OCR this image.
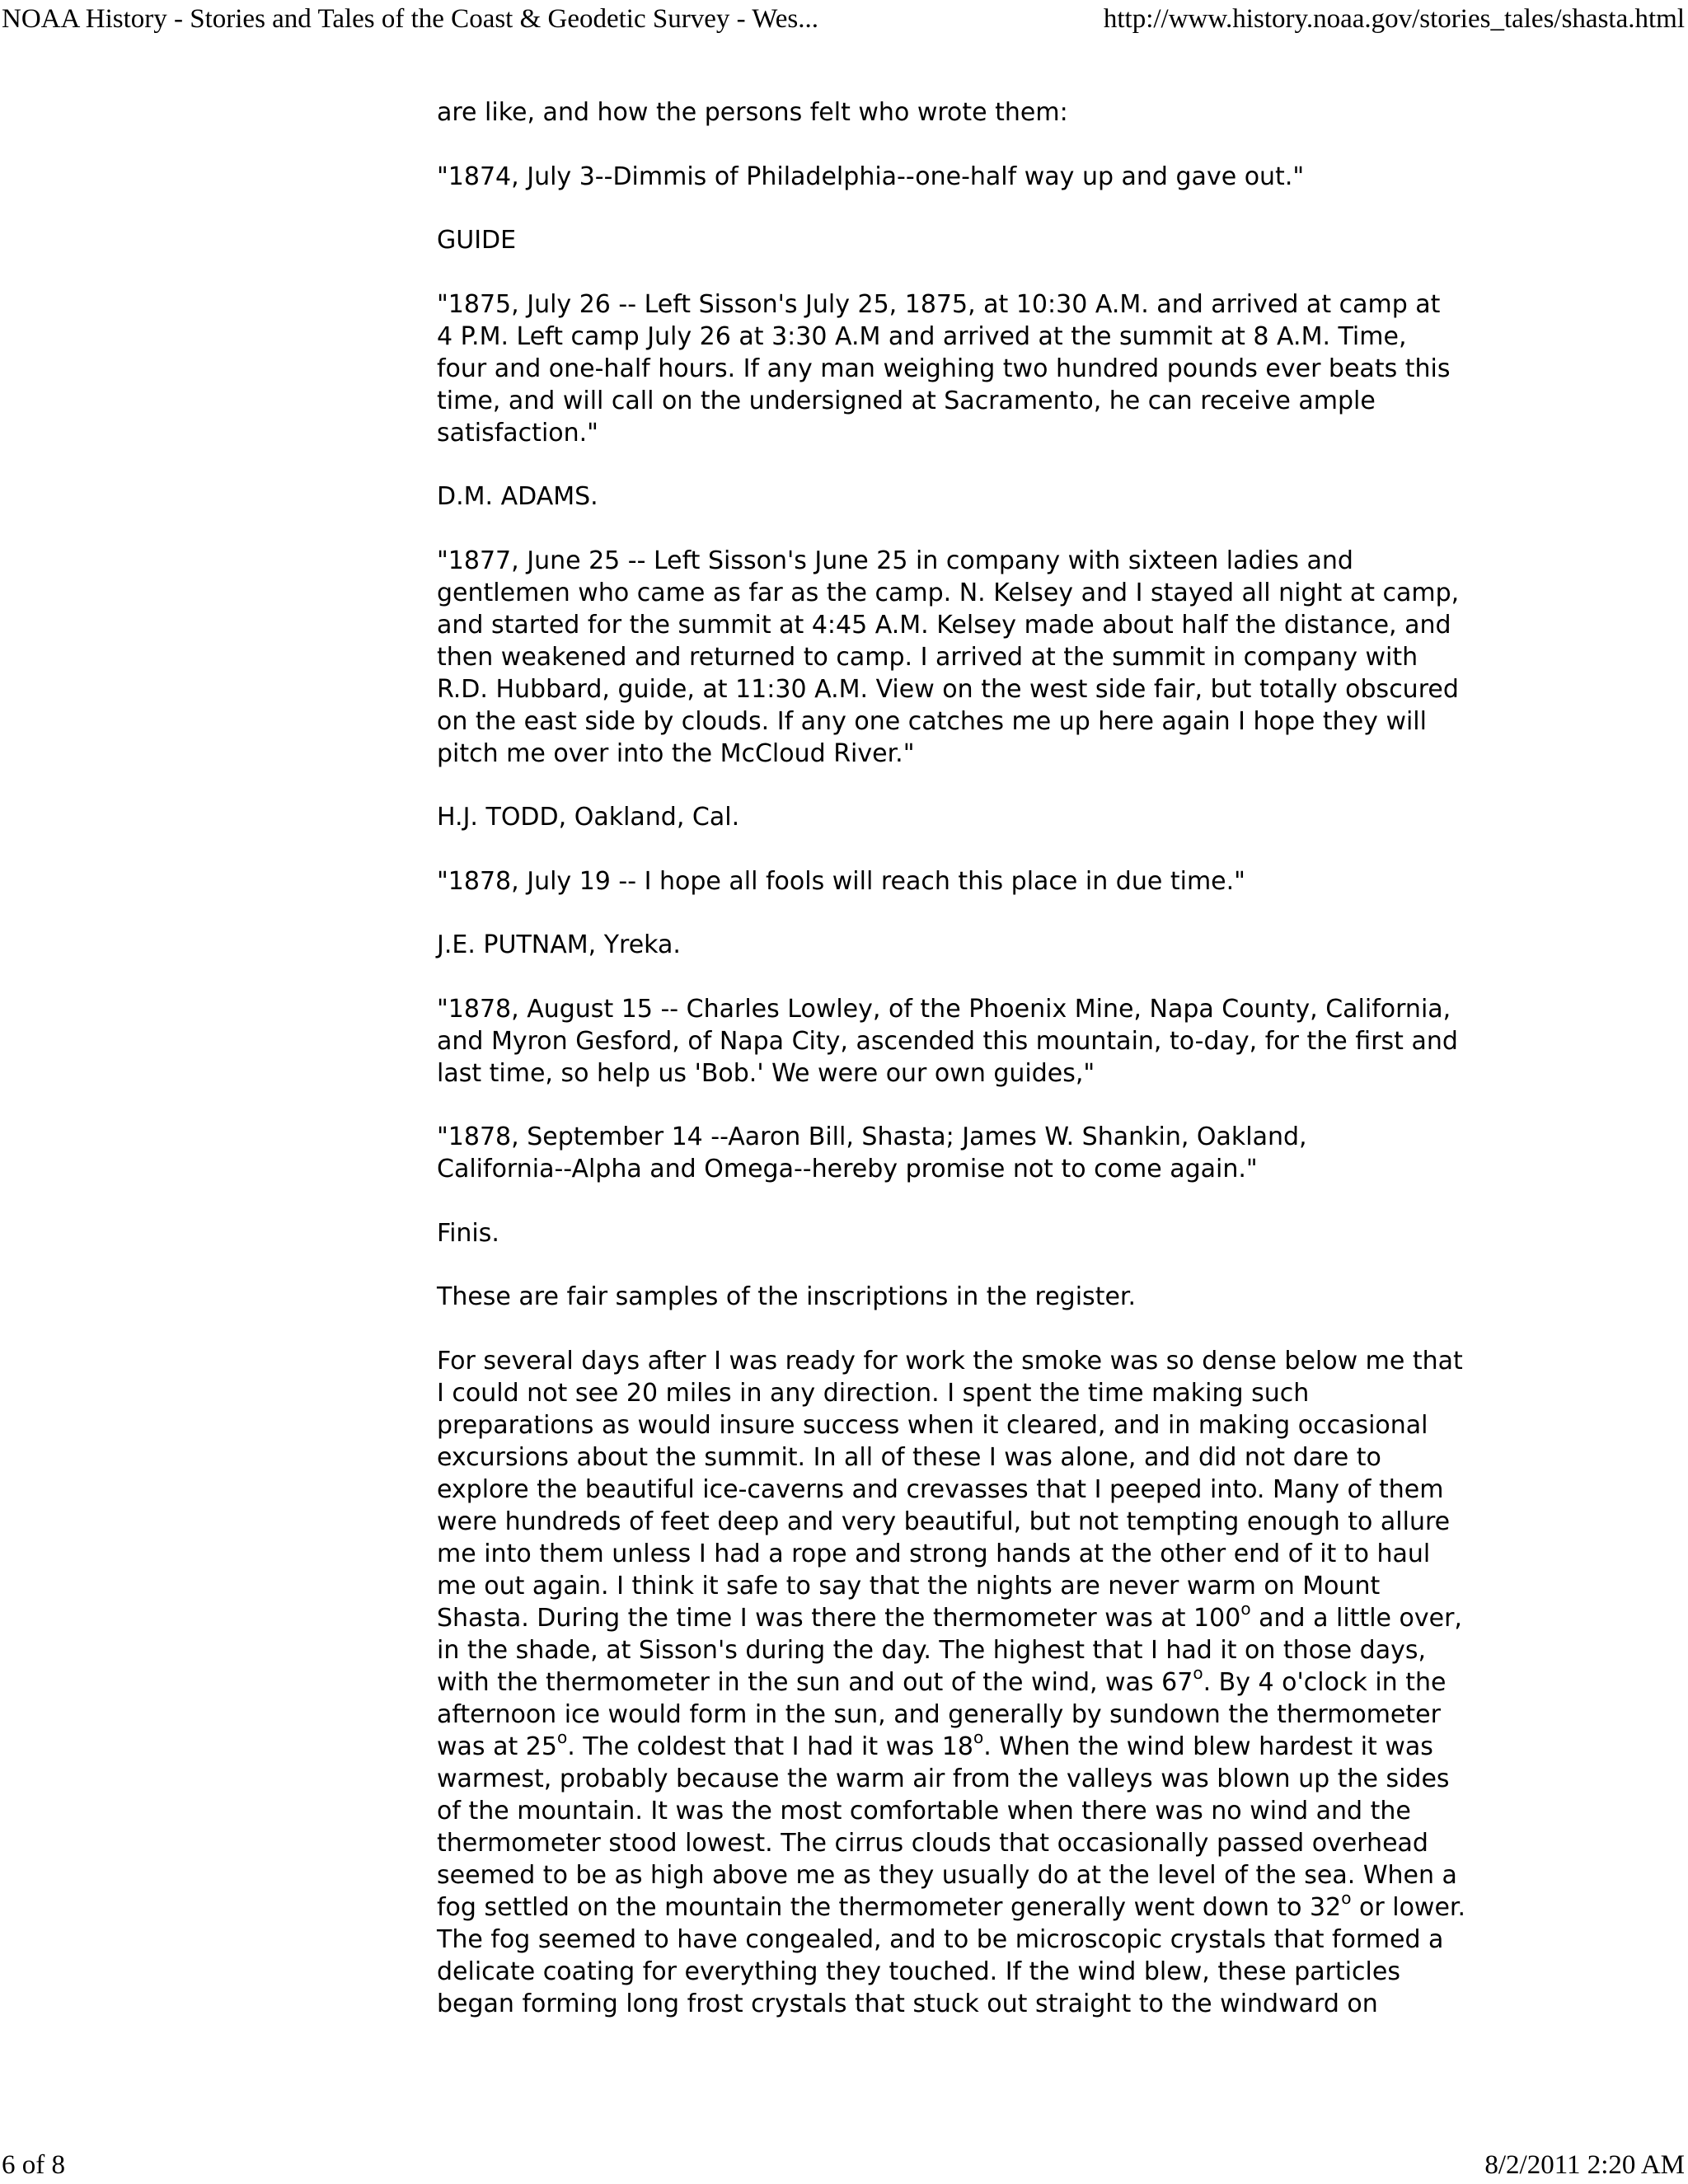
NOAA History - Stories and Tales of the Coast & Geodetic Survey - Wes...	http://www.history.noaa.gov/stories_tales/shasta.html

are like, and how the persons felt who wrote them:

"1874, July 3--Dimmis of Philadelphia--one-half way up and gave out."

GUIDE

"1875, July 26 -- Left Sisson's July 25, 1875, at 10:30 A.M. and arrived at camp at
4 P.M. Left camp July 26 at 3:30 A.M and arrived at the summit at 8 A.M. Time,
four and one-half hours. If any man weighing two hundred pounds ever beats this
time, and will call on the undersigned at Sacramento, he can receive ample
satisfaction."

D.M. ADAMS.

"1877, June 25 -- Left Sisson's June 25 in company with sixteen ladies and
gentlemen who came as far as the camp. N. Kelsey and I stayed all night at camp,
and started for the summit at 4:45 A.M. Kelsey made about half the distance, and
then weakened and returned to camp. I arrived at the summit in company with
R.D. Hubbard, guide, at 11:30 A.M. View on the west side fair, but totally obscured
on the east side by clouds. If any one catches me up here again I hope they will
pitch me over into the McCloud River."

H.J. TODD, Oakland, Cal.

"1878, July 19 -- I hope all fools will reach this place in due time."

J.E. PUTNAM, Yreka.

"1878, August 15 -- Charles Lowley, of the Phoenix Mine, Napa County, California,
and Myron Gesford, of Napa City, ascended this mountain, to-day, for the first and
last time, so help us 'Bob.' We were our own guides,"

"1878, September 14 --Aaron Bill, Shasta; James W. Shankin, Oakland,
California--Alpha and Omega--hereby promise not to come again."

Finis.

These are fair samples of the inscriptions in the register.

For several days after I was ready for work the smoke was so dense below me that
I could not see 20 miles in any direction. I spent the time making such
preparations as would insure success when it cleared, and in making occasional
excursions about the summit. In all of these I was alone, and did not dare to
explore the beautiful ice-caverns and crevasses that I peeped into. Many of them
were hundreds of feet deep and very beautiful, but not tempting enough to allure
me into them unless I had a rope and strong hands at the other end of it to haul
me out again. I think it safe to say that the nights are never warm on Mount
Shasta. During the time I was there the thermometer was at 100$^o$ and a little over,
in the shade, at Sisson's during the day. The highest that I had it on those days,
with the thermometer in the sun and out of the wind, was 67$^o$. By 4 o'clock in the
afternoon ice would form in the sun, and generally by sundown the thermometer
was at 25$^o$. The coldest that I had it was 18$^o$. When the wind blew hardest it was
warmest, probably because the warm air from the valleys was blown up the sides
of the mountain. It was the most comfortable when there was no wind and the
thermometer stood lowest. The cirrus clouds that occasionally passed overhead
seemed to be as high above me as they usually do at the level of the sea. When a
fog settled on the mountain the thermometer generally went down to 32$^o$ or lower.
The fog seemed to have congealed, and to be microscopic crystals that formed a
delicate coating for everything they touched. If the wind blew, these particles
began forming long frost crystals that stuck out straight to the windward on

6 of 8	8/2/2011 2:20 AM
